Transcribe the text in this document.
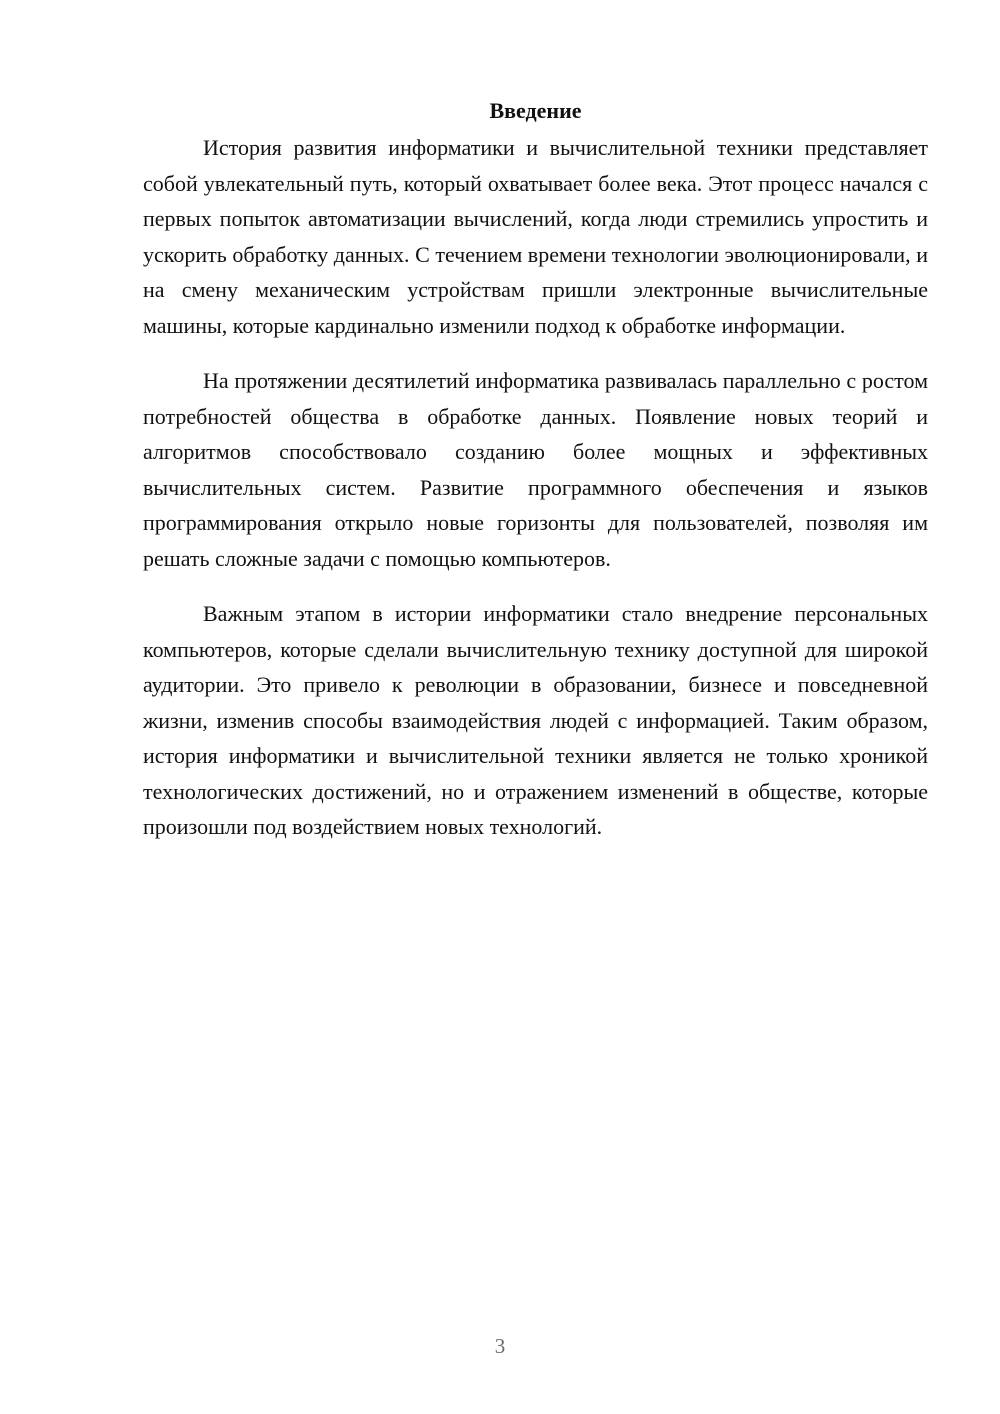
Введение

История развития информатики и вычислительной техники представляет собой увлекательный путь, который охватывает более века. Этот процесс начался с первых попыток автоматизации вычислений, когда люди стремились упростить и ускорить обработку данных. С течением времени технологии эволюционировали, и на смену механическим устройствам пришли электронные вычислительные машины, которые кардинально изменили подход к обработке информации.

На протяжении десятилетий информатика развивалась параллельно с ростом потребностей общества в обработке данных. Появление новых теорий и алгоритмов способствовало созданию более мощных и эффективных вычислительных систем. Развитие программного обеспечения и языков программирования открыло новые горизонты для пользователей, позволяя им решать сложные задачи с помощью компьютеров.

Важным этапом в истории информатики стало внедрение персональных компьютеров, которые сделали вычислительную технику доступной для широкой аудитории. Это привело к революции в образовании, бизнесе и повседневной жизни, изменив способы взаимодействия людей с информацией. Таким образом, история информатики и вычислительной техники является не только хроникой технологических достижений, но и отражением изменений в обществе, которые произошли под воздействием новых технологий.

3
